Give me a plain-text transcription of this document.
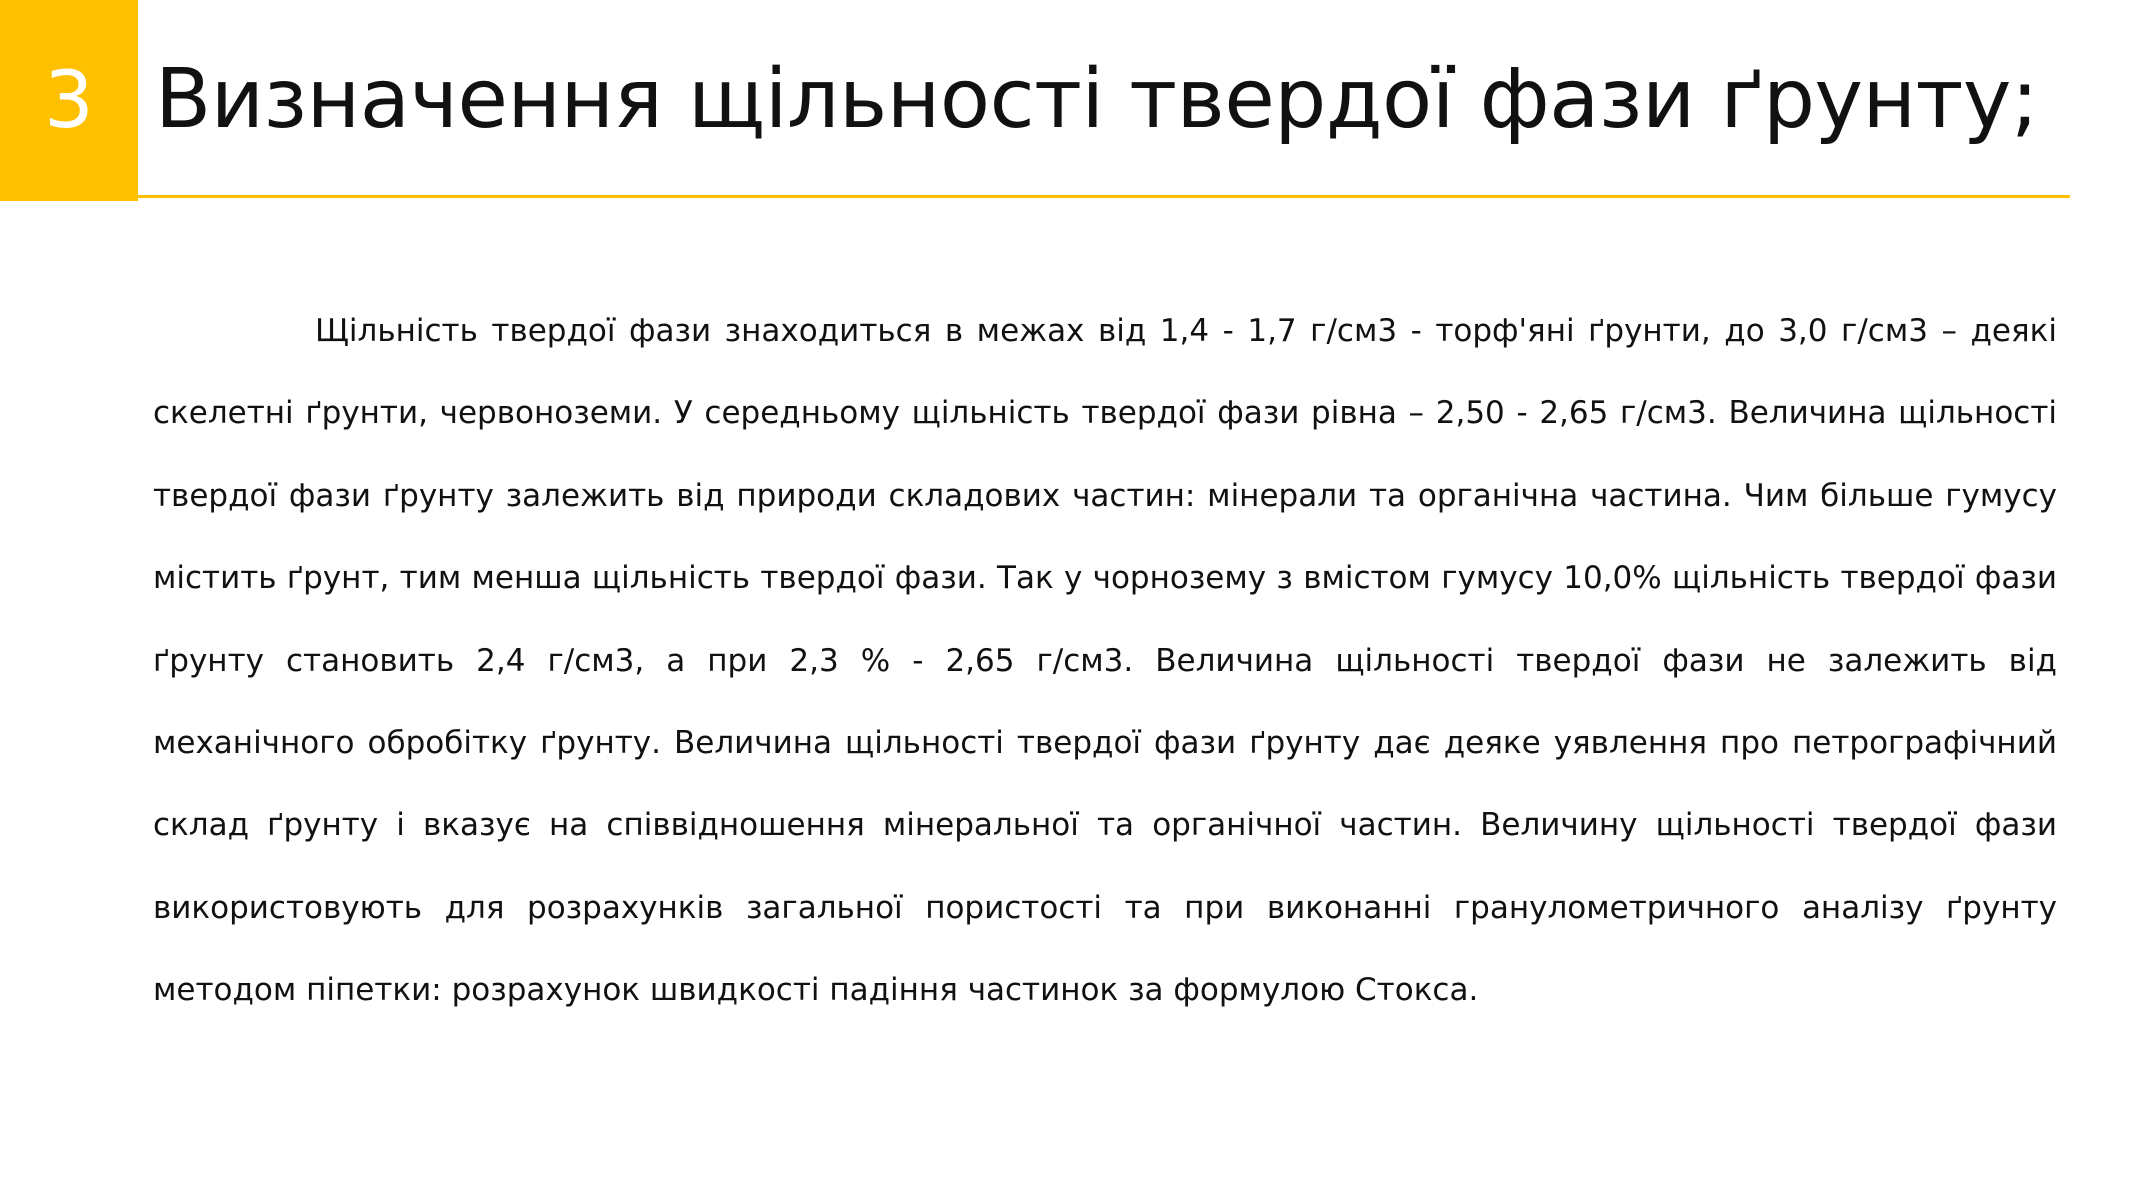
3 Визначення щільності твердої фази ґрунту;

Щільність твердої фази знаходиться в межах від 1,4 - 1,7 г/см3 - торф'яні ґрунти, до 3,0 г/см3 – деякі скелетні ґрунти, червоноземи. У середньому щільність твердої фази рівна – 2,50 - 2,65 г/см3. Величина щільності твердої фази ґрунту залежить від природи складових частин: мінерали та органічна частина. Чим більше гумусу містить ґрунт, тим менша щільність твердої фази. Так у чорнозему з вмістом гумусу 10,0% щільність твердої фази ґрунту становить 2,4 г/см3, а при 2,3 % - 2,65 г/см3. Величина щільності твердої фази не залежить від механічного обробітку ґрунту. Величина щільності твердої фази ґрунту дає деяке уявлення про петрографічний склад ґрунту і вказує на співвідношення мінеральної та органічної частин. Величину щільності твердої фази використовують для розрахунків загальної пористості та при виконанні гранулометричного аналізу ґрунту методом піпетки: розрахунок швидкості падіння частинок за формулою Стокса.
